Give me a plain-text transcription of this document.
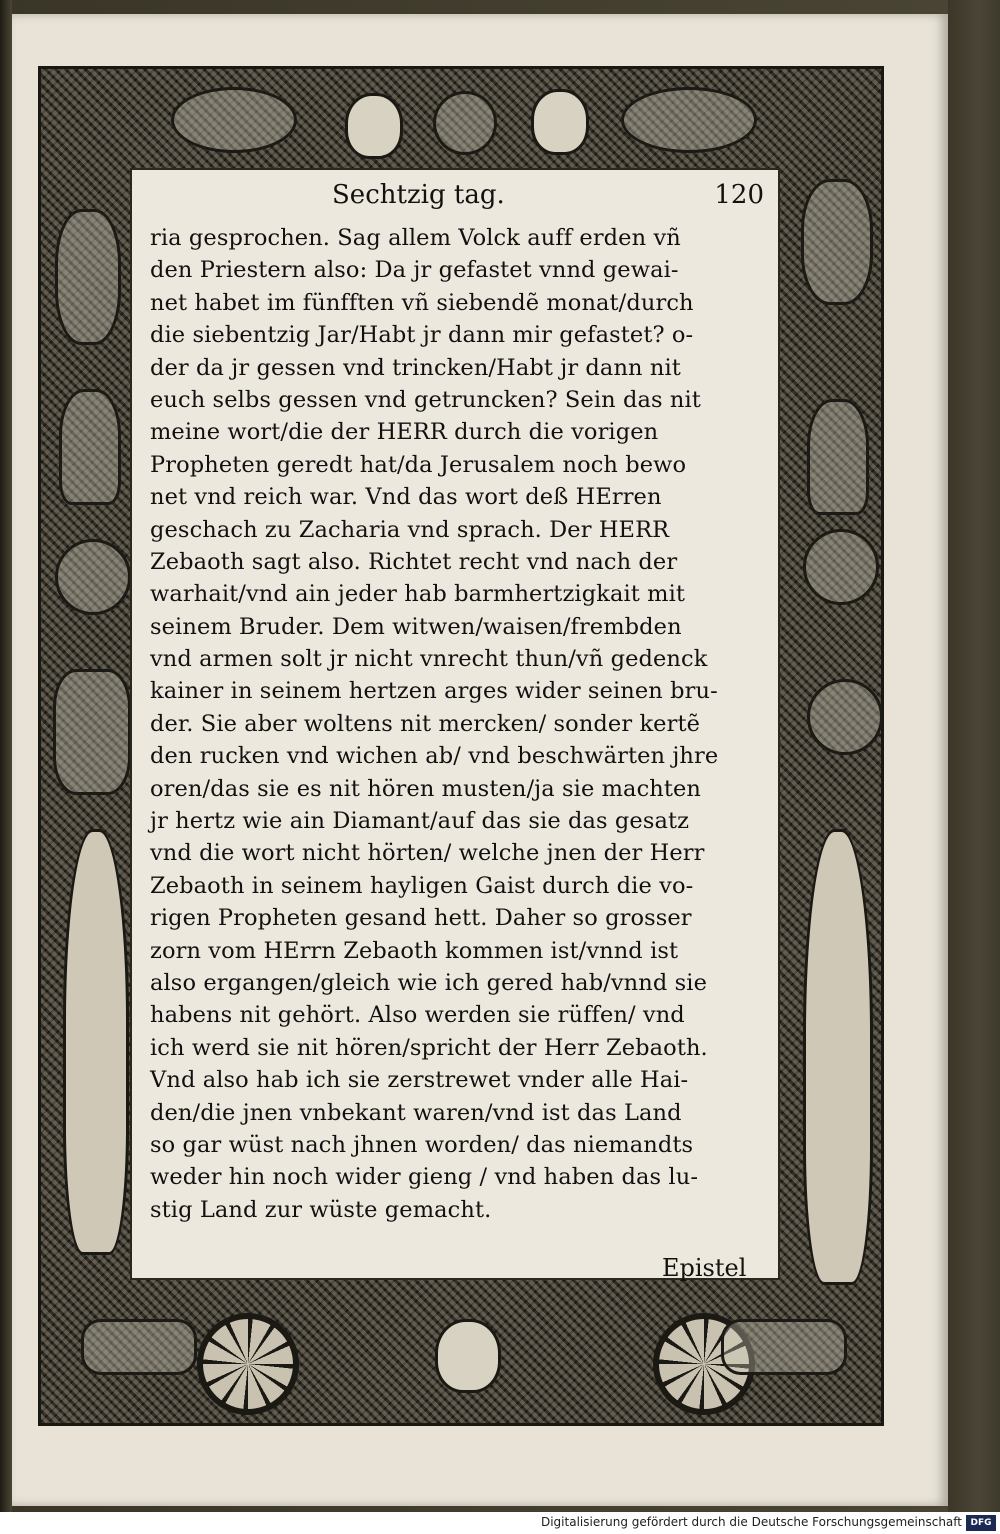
Sechtzig tag.	120
ria gesprochen. Sag allem Volck auff erden vñ
den Priestern also: Da jr gefastet vnnd gewai-
net habet im fünfften vñ siebendẽ monat/durch
die siebentzig Jar/Habt jr dann mir gefastet? o-
der da jr gessen vnd trincken/Habt jr dann nit
euch selbs gessen vnd getruncken? Sein das nit
meine wort/die der HERR durch die vorigen
Propheten geredt hat/da Jerusalem noch bewo
net vnd reich war. Vnd das wort deß HErren
geschach zu Zacharia vnd sprach. Der HERR
Zebaoth sagt also. Richtet recht vnd nach der
warhait/vnd ain jeder hab barmhertzigkait mit
seinem Bruder. Dem witwen/waisen/frembden
vnd armen solt jr nicht vnrecht thun/vñ gedenck
kainer in seinem hertzen arges wider seinen bru-
der. Sie aber woltens nit mercken/ sonder kertẽ
den rucken vnd wichen ab/ vnd beschwärten jhre
oren/das sie es nit hören musten/ja sie machten
jr hertz wie ain Diamant/auf das sie das gesatz
vnd die wort nicht hörten/ welche jnen der Herr
Zebaoth in seinem hayligen Gaist durch die vo-
rigen Propheten gesand hett. Daher so grosser
zorn vom HErrn Zebaoth kommen ist/vnnd ist
also ergangen/gleich wie ich gered hab/vnnd sie
habens nit gehört. Also werden sie rüffen/ vnd
ich werd sie nit hören/spricht der Herr Zebaoth.
Vnd also hab ich sie zerstrewet vnder alle Hai-
den/die jnen vnbekant waren/vnd ist das Land
so gar wüst nach jhnen worden/ das niemandts
weder hin noch wider gieng / vnd haben das lu-
stig Land zur wüste gemacht.
Epistel
Digitalisierung gefördert durch die Deutsche Forschungsgemeinschaft DFG
